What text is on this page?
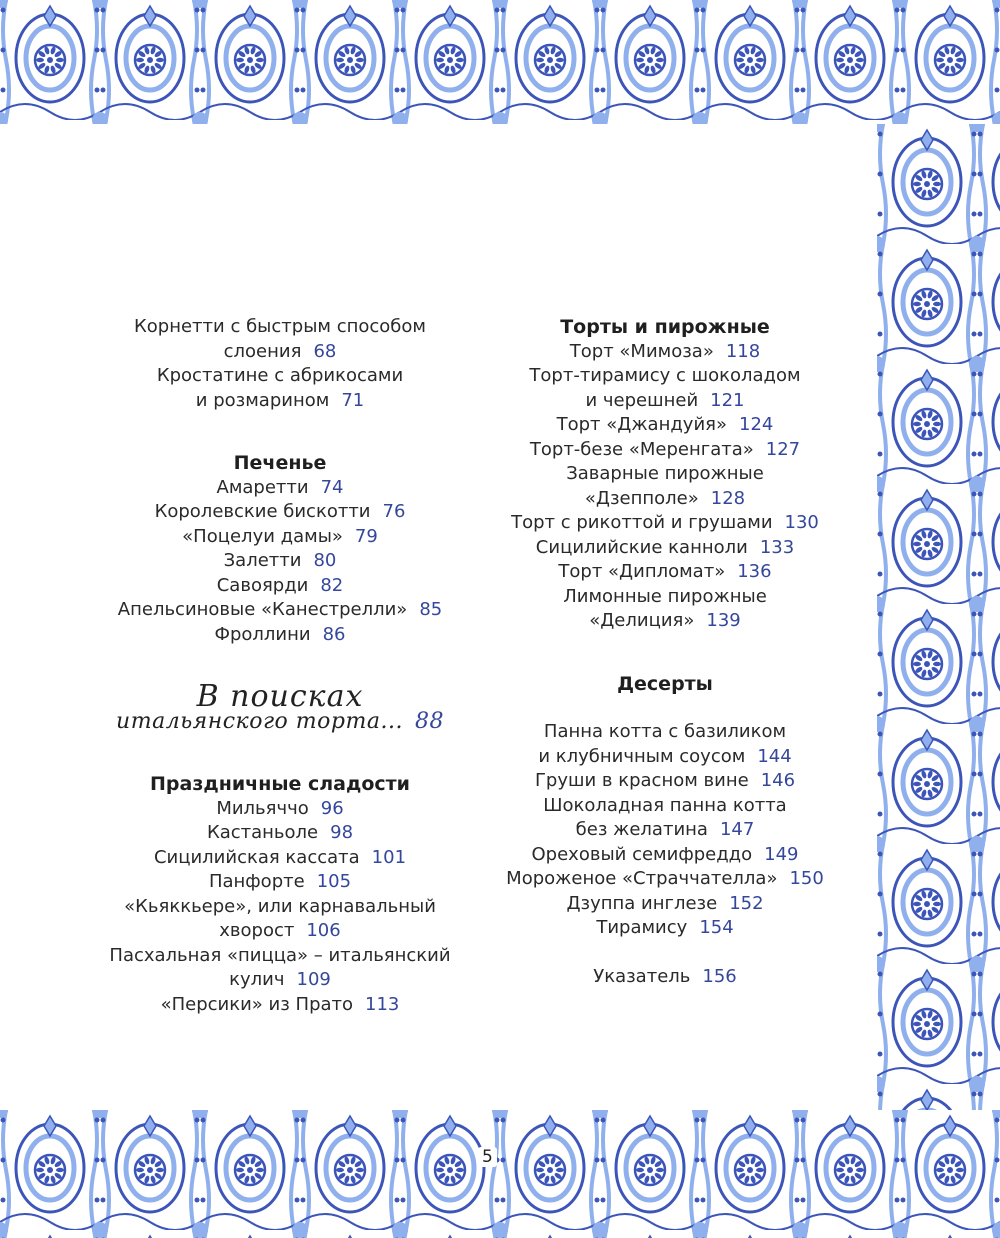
Корнетти с быстрым способом
слоения 68
Кростатине с абрикосами
и розмарином 71
Печенье
Амаретти 74
Королевские бискотти 76
«Поцелуи дамы» 79
Залетти 80
Савоярди 82
Апельсиновые «Канестрелли» 85
Фроллини 86
В поисках
итальянского торта... 88
Праздничные сладости
Мильяччо 96
Кастаньоле 98
Сицилийская кассата 101
Панфорте 105
«Кьяккьере», или карнавальный
хворост 106
Пасхальная «пицца» – итальянский
кулич 109
«Персики» из Прато 113
Торты и пирожные
Торт «Мимоза» 118
Торт-тирамису с шоколадом
и черешней 121
Торт «Джандуйя» 124
Торт-безе «Меренгата» 127
Заварные пирожные
«Дзепполе» 128
Торт с рикоттой и грушами 130
Сицилийские канноли 133
Торт «Дипломат» 136
Лимонные пирожные
«Делиция» 139
Десерты
Панна котта с базиликом
и клубничным соусом 144
Груши в красном вине 146
Шоколадная панна котта
без желатина 147
Ореховый семифреддо 149
Мороженое «Страччателла» 150
Дзуппа инглезе 152
Тирамису 154
Указатель 156
5
